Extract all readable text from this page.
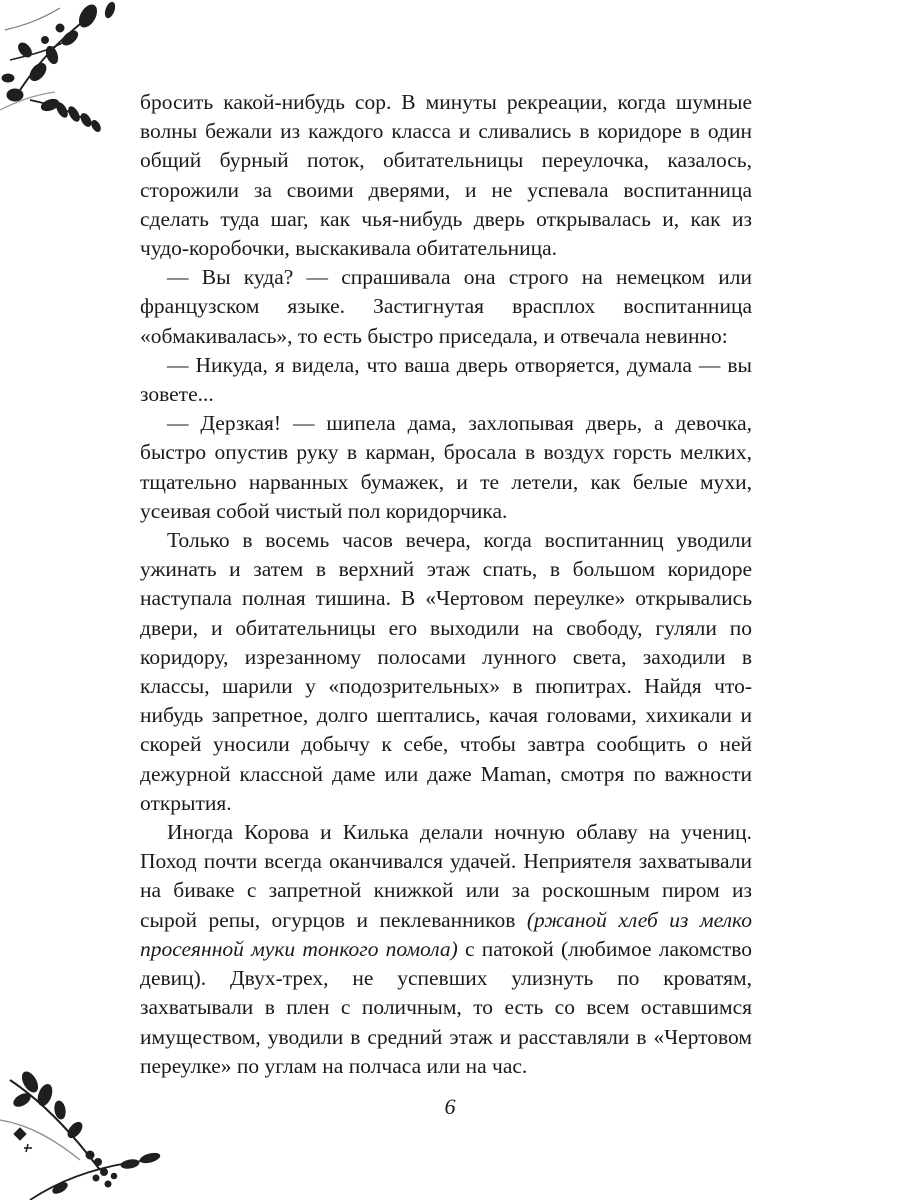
бросить какой-нибудь сор. В минуты рекреации, когда шумные волны бежали из каждого класса и сливались в коридоре в один общий бурный поток, обитательницы переулочка, казалось, сторожили за своими дверями, и не успевала воспитанница сделать туда шаг, как чья-нибудь дверь открывалась и, как из чудо-коробочки, выскакивала обитательница.

— Вы куда? — спрашивала она строго на немецком или французском языке. Застигнутая врасплох воспитанница «обмакивалась», то есть быстро приседала, и отвечала невинно:

— Никуда, я видела, что ваша дверь отворяется, думала — вы зовете...

— Дерзкая! — шипела дама, захлопывая дверь, а девочка, быстро опустив руку в карман, бросала в воздух горсть мелких, тщательно нарванных бумажек, и те летели, как белые мухи, усеивая собой чистый пол коридорчика.

Только в восемь часов вечера, когда воспитанниц уводили ужинать и затем в верхний этаж спать, в большом коридоре наступала полная тишина. В «Чертовом переулке» открывались двери, и обитательницы его выходили на свободу, гуляли по коридору, изрезанному полосами лунного света, заходили в классы, шарили у «подозрительных» в пюпитрах. Найдя что-нибудь запретное, долго шептались, качая головами, хихикали и скорей уносили добычу к себе, чтобы завтра сообщить о ней дежурной классной даме или даже Maman, смотря по важности открытия.

Иногда Корова и Килька делали ночную облаву на учениц. Поход почти всегда оканчивался удачей. Неприятеля захватывали на биваке с запретной книжкой или за роскошным пиром из сырой репы, огурцов и пеклеванников (ржаной хлеб из мелко просеянной муки тонкого помола) с патокой (любимое лакомство девиц). Двух-трех, не успевших улизнуть по кроватям, захватывали в плен с поличным, то есть со всем оставшимся имуществом, уводили в средний этаж и расставляли в «Чертовом переулке» по углам на полчаса или на час.

6
